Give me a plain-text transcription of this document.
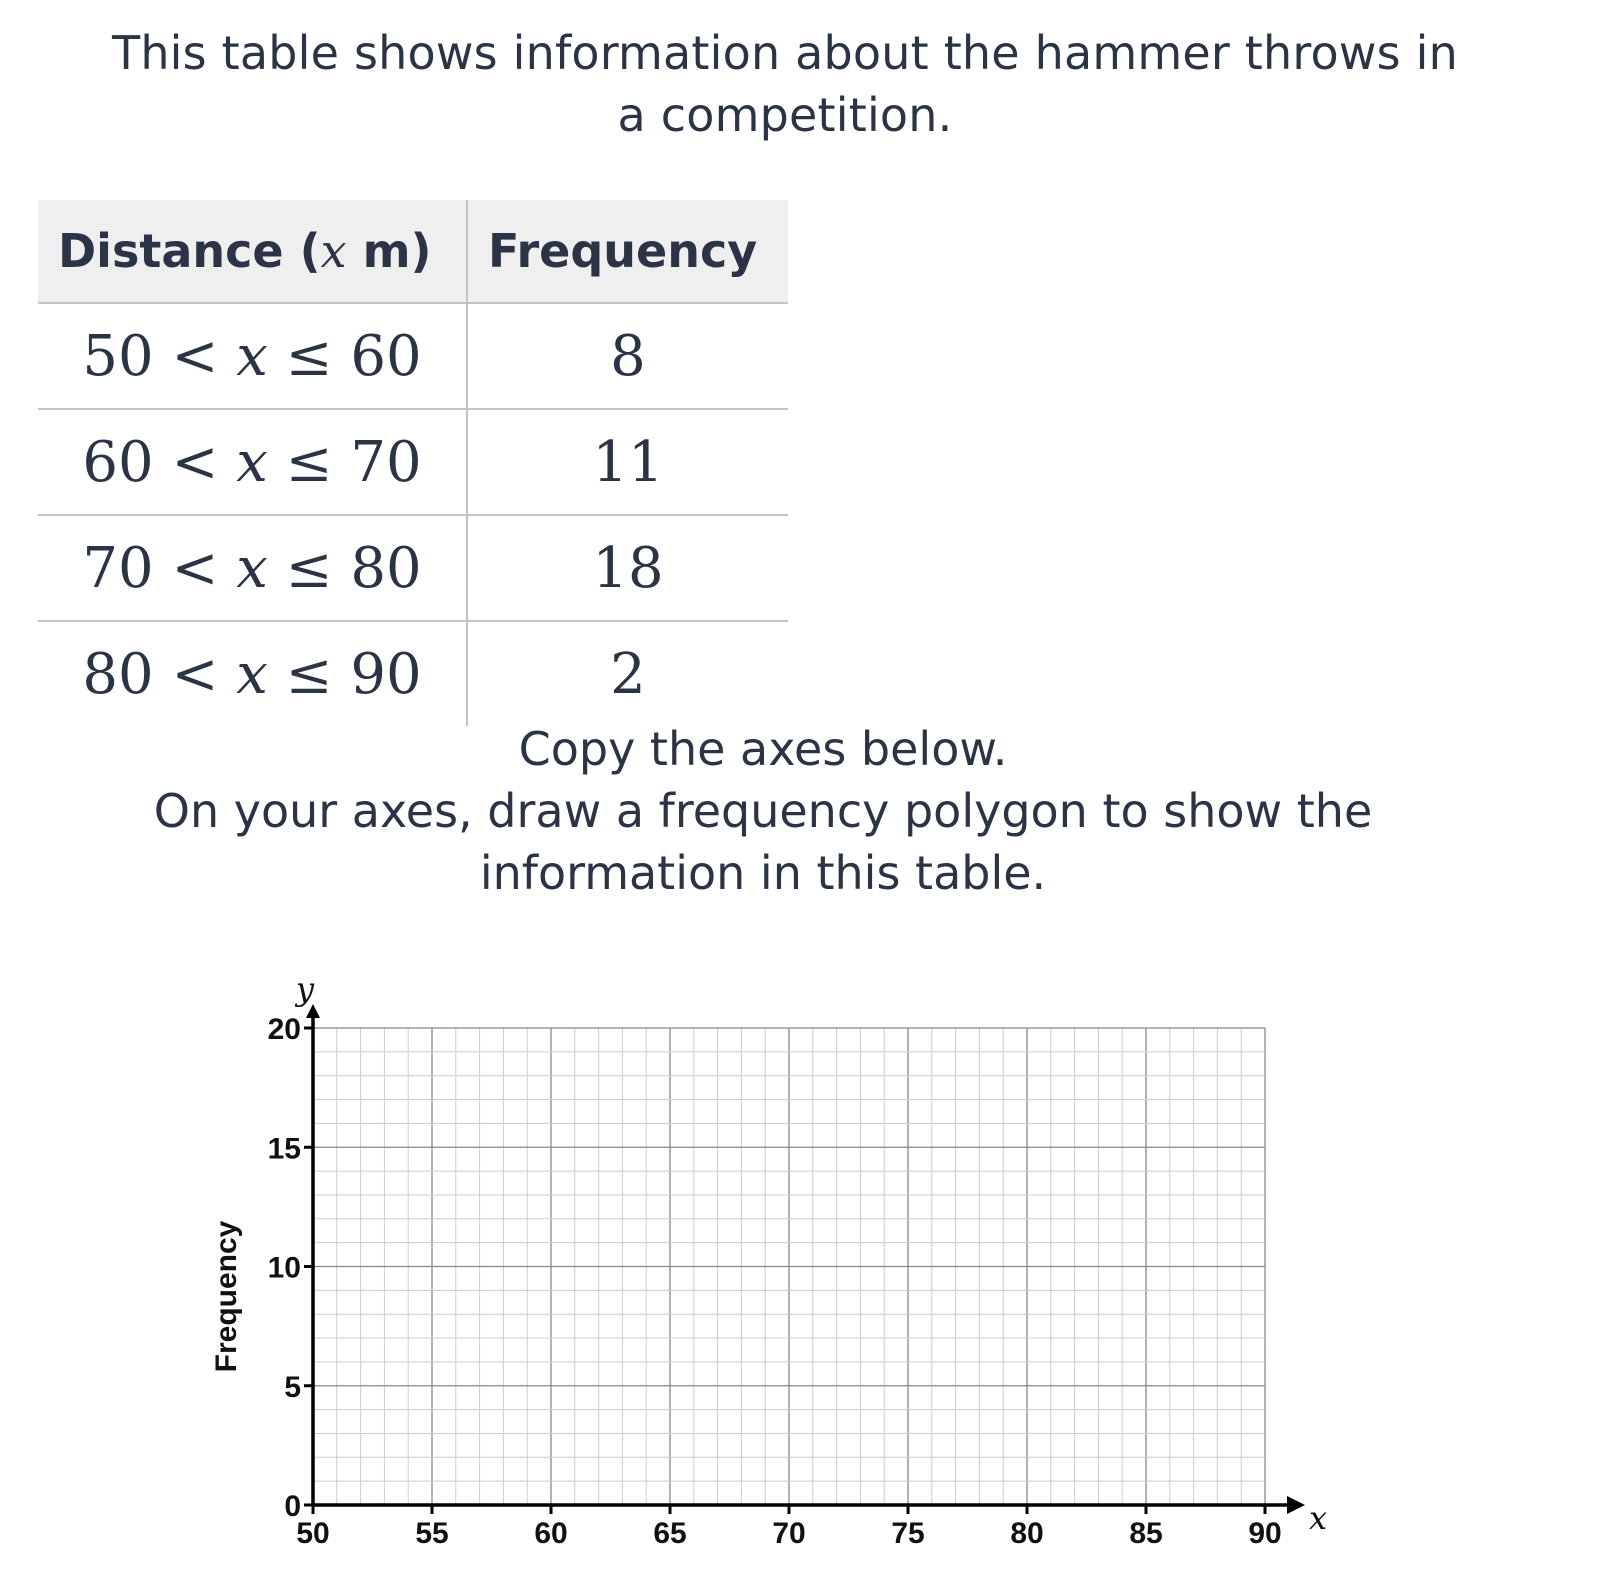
This table shows information about the hammer throws in
a competition.
Distance (x m)	Frequency
50 < x ≤ 60	8
60 < x ≤ 70	11
70 < x ≤ 80	18
80 < x ≤ 90	2
Copy the axes below.
On your axes, draw a frequency polygon to show the
information in this table.
50	55	60	65	70	75	80	85	90
0
5
10
15
20
x
y
Frequency
